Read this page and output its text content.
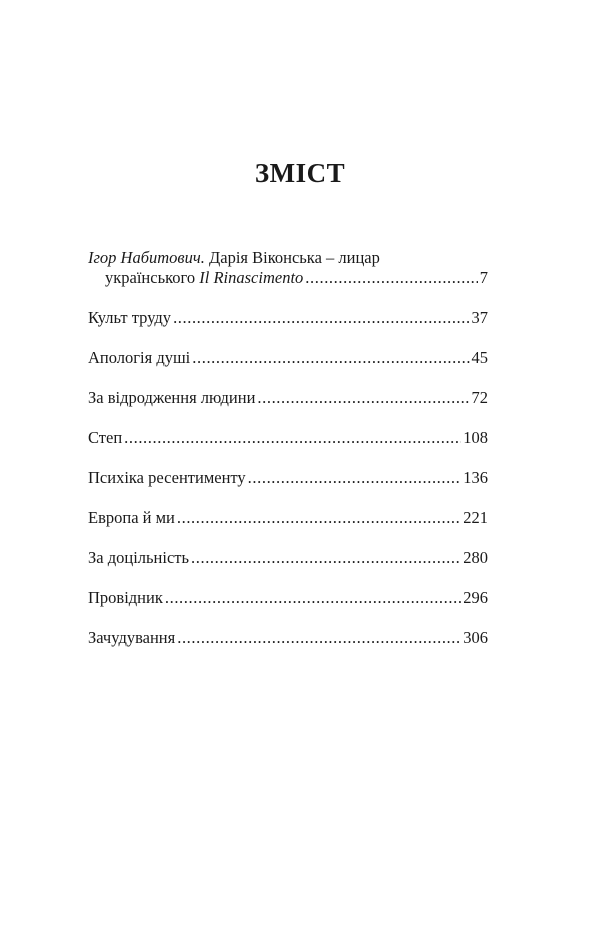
ЗМІСТ
Ігор Набитович. Дарія Віконська – лицар
українського Il Rinascimento .....	7
Культ труду .....	37
Апологія душі .....	45
За відродження людини .....	72
Степ .....	108
Психіка ресентименту .....	136
Европа й ми .....	221
За доцільність .....	280
Провідник .....	296
Зачудування .....	306
